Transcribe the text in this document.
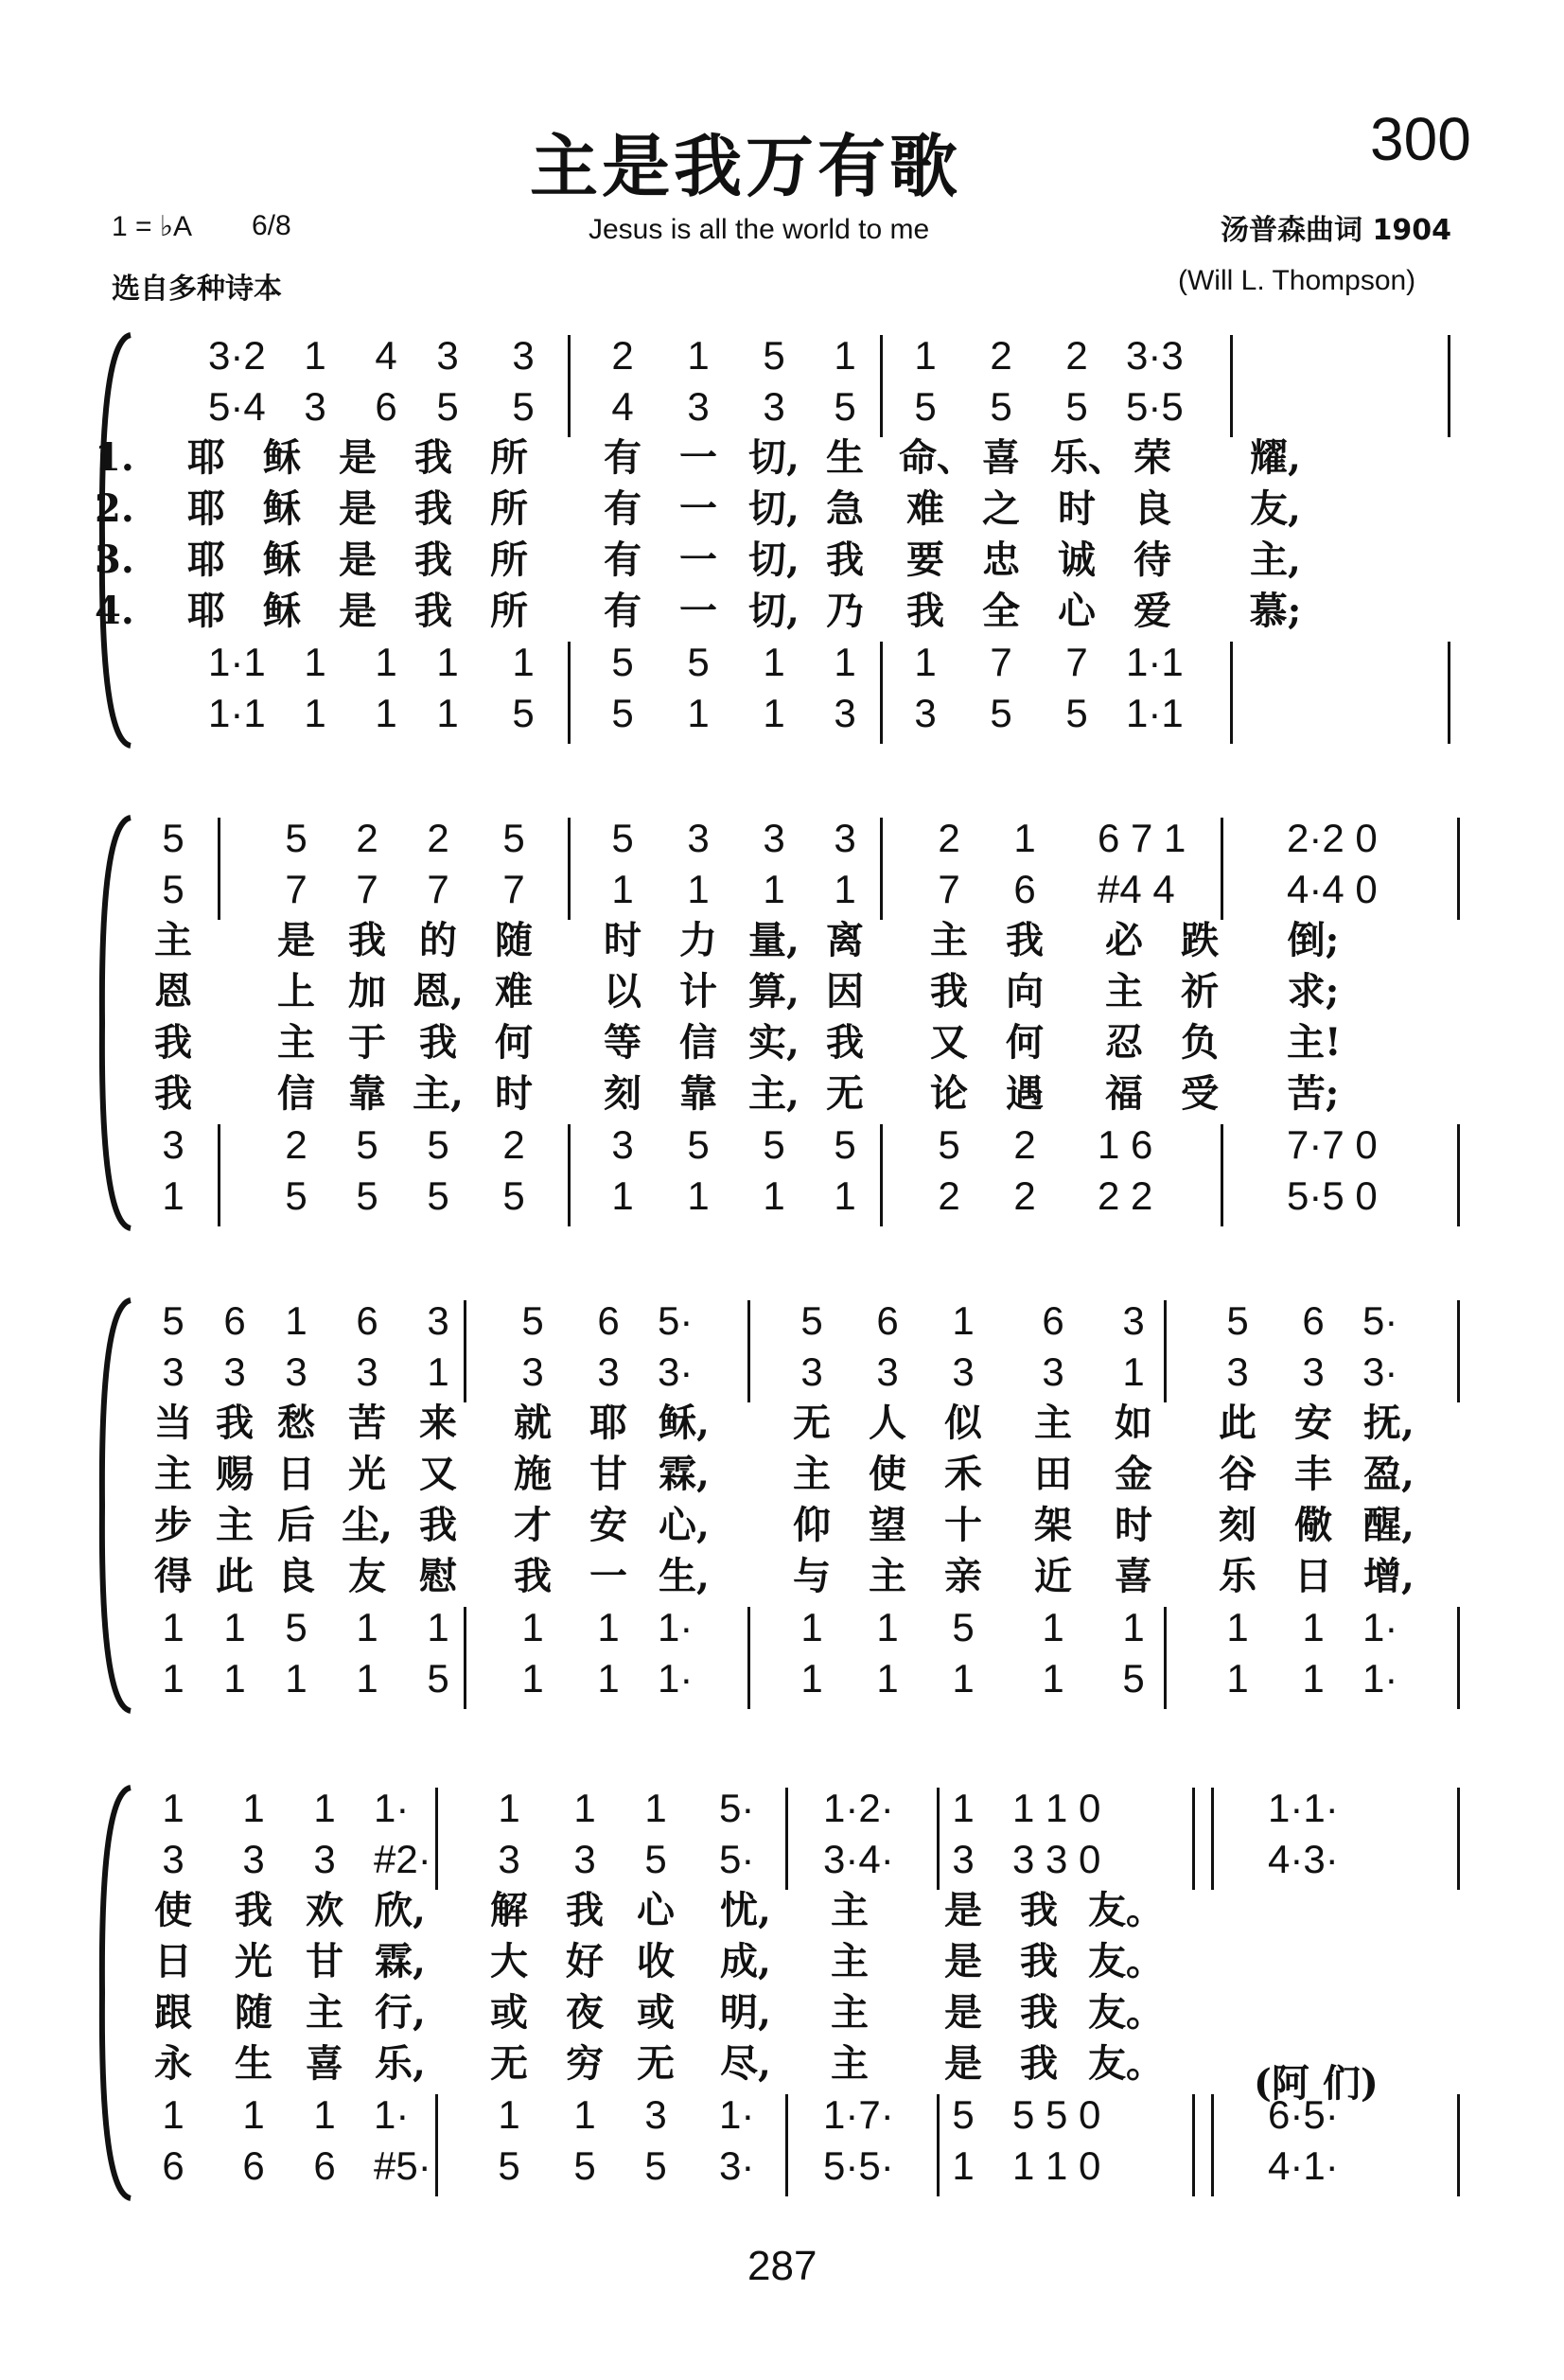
主是我万有歌	300
1 = ♭A 6/8	Jesus is all the world to me	汤普森曲词 1904
选自多种诗本	(Will L. Thompson)
3·2 1	4 3	3	2	1	5	1	1	2	2 3·3
5·4 3	6 5	5	4	3	3	5	5	5	5 5·5
1.	耶 稣 是 我 所 有 一 切, 生 命、 喜 乐、 荣 耀,
2.	耶 稣 是 我 所 有 一 切, 急 难 之 时 良 友,
3.	耶 稣 是 我 所 有 一 切, 我 要 忠 诚 待 主,
4.	耶 稣 是 我 所 有 一 切, 乃 我 全 心 爱 慕;
1·1 1	1 1	1	5	5	1	1	1	7	7 1·1
1·1 1	1 1	5	5	1	1	3	3	5	5 1·1
5	5	2	2	5	5	3	3	3	2	1	6 7 1	2·2 0
5	7	7	7	7	1	1	1	1	7	6	#4 4	4·4 0
主 是 我 的 随 时 力 量, 离 主 我 必 跌 倒;
恩 上 加 恩, 难 以 计 算, 因 我 向 主 祈 求;
我 主 于 我 何 等 信 实, 我 又 何 忍 负 主!
我 信 靠 主, 时 刻 靠 主, 无 论 遇 福 受 苦;
3	2	5	5	2	3	5	5	5	5	2	1 6	7·7 0
1	5	5	5	5	1	1	1	1	2	2	2 2	5·5 0
5 6 1	6	3	5	6 5·	5	6	1	6	3	5	6 5·
3 3 3	3	1	3	3 3·	3	3	3	3	1	3	3 3·
当 我 愁 苦 来 就 耶 稣, 无 人 似 主 如 此 安 抚,
主 赐 日 光 又 施 甘 霖, 主 使 禾 田 金 谷 丰 盈,
步 主 后 尘, 我 才 安 心, 仰 望 十 架 时 刻 儆 醒,
得 此 良 友 慰 我 一 生, 与 主 亲 近 喜 乐 日 增,
1 1 5	1	1	1	1 1·	1	1	5	1	1	1	1 1·
1 1 1	1	5	1	1 1·	1	1	1	1	5	1	1 1·
1	1	1 1·	1	1	1	5· 1·2·	1 1 1 0	1·1·
3	3	3 #2·	3	3	5	5· 3·4·	3 3 3 0	4·3·
使 我 欢 欣, 解 我 心 忧, 主 是 我 友。
日 光 甘 霖, 大 好 收 成, 主 是 我 友。
跟 随 主 行, 或 夜 或 明, 主 是 我 友。
永 生 喜 乐, 无 穷 无 尽, 主 是 我 友。
1	1	1 1·	1	1	3	1· 1·7·	5 5 5 0	6·5·
6	6	6 #5·	5	5	5	3· 5·5·	1 1 1 0	4·1·
(阿 们)
287
